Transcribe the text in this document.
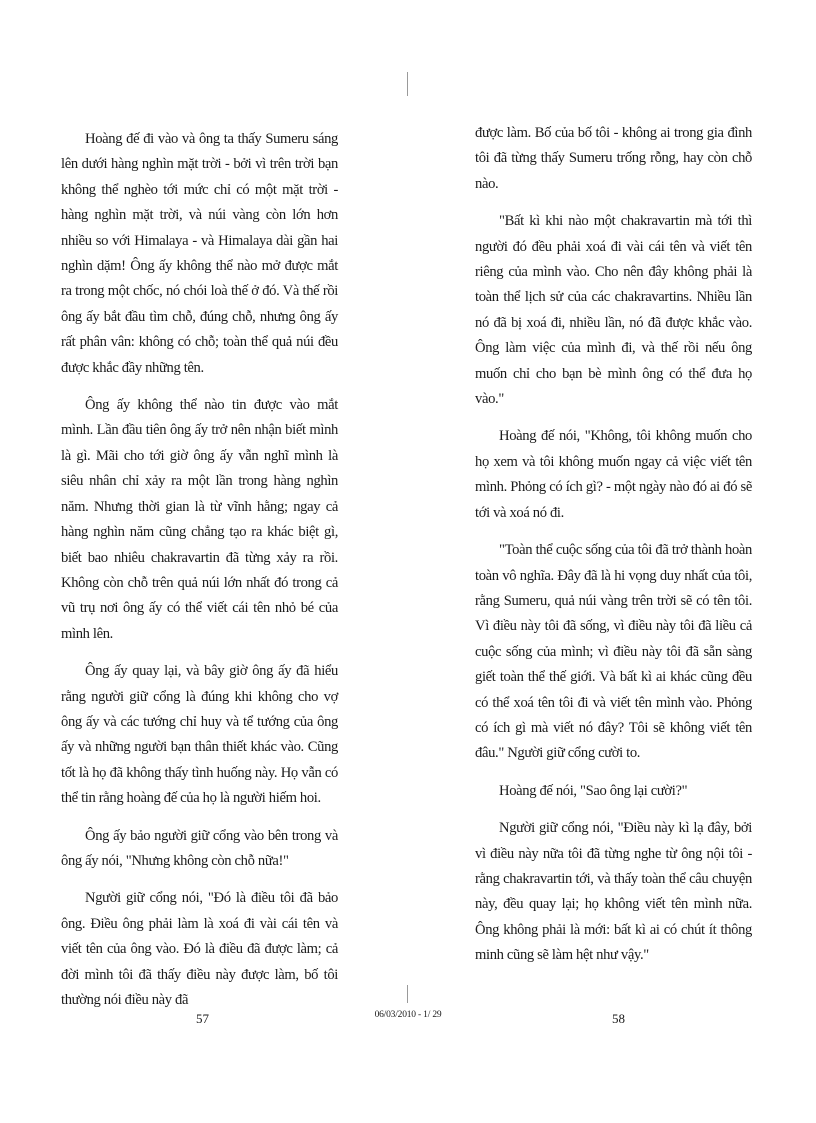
Hoàng đế đi vào và ông ta thấy Sumeru sáng lên dưới hàng nghìn mặt trời - bởi vì trên trời bạn không thể nghèo tới mức chỉ có một mặt trời - hàng nghìn mặt trời, và núi vàng còn lớn hơn nhiều so với Himalaya - và Himalaya dài gần hai nghìn dặm! Ông ấy không thể nào mở được mắt ra trong một chốc, nó chói loà thế ở đó. Và thế rồi ông ấy bắt đầu tìm chỗ, đúng chỗ, nhưng ông ấy rất phân vân: không có chỗ; toàn thể quả núi đều được khắc đầy những tên.

Ông ấy không thể nào tin được vào mắt mình. Lần đầu tiên ông ấy trở nên nhận biết mình là gì. Mãi cho tới giờ ông ấy vẫn nghĩ mình là siêu nhân chỉ xảy ra một lần trong hàng nghìn năm. Nhưng thời gian là từ vĩnh hằng; ngay cả hàng nghìn năm cũng chẳng tạo ra khác biệt gì, biết bao nhiêu chakravartin đã từng xảy ra rồi. Không còn chỗ trên quả núi lớn nhất đó trong cả vũ trụ nơi ông ấy có thể viết cái tên nhỏ bé của mình lên.

Ông ấy quay lại, và bây giờ ông ấy đã hiểu rằng người giữ cổng là đúng khi không cho vợ ông ấy và các tướng chỉ huy và tể tướng của ông ấy và những người bạn thân thiết khác vào. Cũng tốt là họ đã không thấy tình huống này. Họ vẫn có thể tin rằng hoàng đế của họ là người hiếm hoi.

Ông ấy bảo người giữ cổng vào bên trong và ông ấy nói, "Nhưng không còn chỗ nữa!"

Người giữ cổng nói, "Đó là điều tôi đã bảo ông. Điều ông phải làm là xoá đi vài cái tên và viết tên của ông vào. Đó là điều đã được làm; cả đời mình tôi đã thấy điều này được làm, bố tôi thường nói điều này đã

được làm. Bố của bố tôi - không ai trong gia đình tôi đã từng thấy Sumeru trống rỗng, hay còn chỗ nào.

"Bất kì khi nào một chakravartin mà tới thì người đó đều phải xoá đi vài cái tên và viết tên riêng của mình vào. Cho nên đây không phải là toàn thể lịch sử của các chakravartins. Nhiều lần nó đã bị xoá đi, nhiều lần, nó đã được khắc vào. Ông làm việc của mình đi, và thế rồi nếu ông muốn chỉ cho bạn bè mình ông có thể đưa họ vào."

Hoàng đế nói, "Không, tôi không muốn cho họ xem và tôi không muốn ngay cả việc viết tên mình. Phỏng có ích gì? - một ngày nào đó ai đó sẽ tới và xoá nó đi.

"Toàn thể cuộc sống của tôi đã trở thành hoàn toàn vô nghĩa. Đây đã là hi vọng duy nhất của tôi, rằng Sumeru, quả núi vàng trên trời sẽ có tên tôi. Vì điều này tôi đã sống, vì điều này tôi đã liều cả cuộc sống của mình; vì điều này tôi đã sẵn sàng giết toàn thể thế giới. Và bất kì ai khác cũng đều có thể xoá tên tôi đi và viết tên mình vào. Phỏng có ích gì mà viết nó đây? Tôi sẽ không viết tên đâu." Người giữ cổng cười to.

Hoàng đế nói, "Sao ông lại cười?"

Người giữ cổng nói, "Điều này kì lạ đây, bởi vì điều này nữa tôi đã từng nghe từ ông nội tôi - rằng chakravartin tới, và thấy toàn thể câu chuyện này, đều quay lại; họ không viết tên mình nữa. Ông không phải là mới: bất kì ai có chút ít thông minh cũng sẽ làm hệt như vậy."

57	06/03/2010 - 1/ 29	58
